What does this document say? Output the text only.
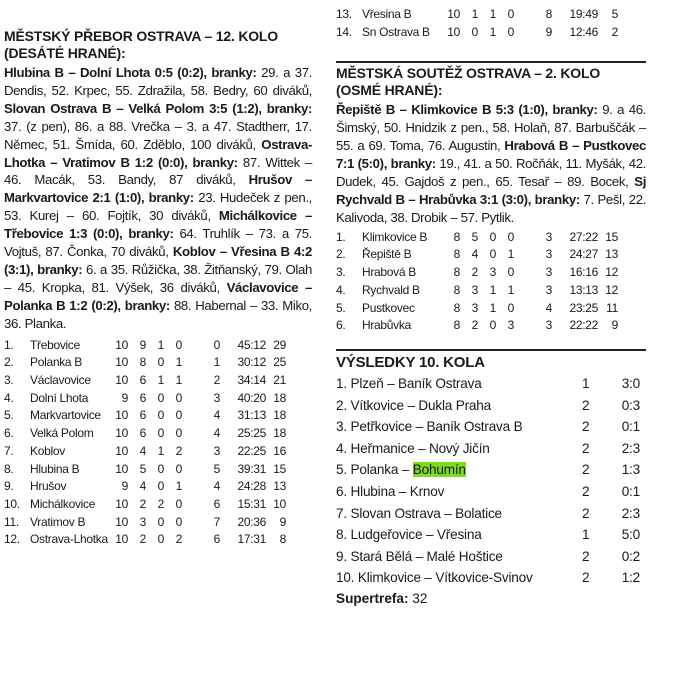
MĚSTSKÝ PŘEBOR OSTRAVA – 12. KOLO
(DESÁTÉ HRANÉ):

Hlubina B – Dolní Lhota 0:5 (0:2), branky: 29. a 37. Dendis, 52. Krpec, 55. Zdražila, 58. Bedry, 60 diváků, Slovan Ostrava B – Velká Polom 3:5 (1:2), branky: 37. (z pen), 86. a 88. Vrečka – 3. a 47. Stadtherr, 17. Němec, 51. Šmída, 60. Zděblo, 100 diváků, Ostrava-Lhotka – Vratimov B 1:2 (0:0), branky: 87. Wittek – 46. Macák, 53. Bandy, 87 diváků, Hrušov – Markvartovice 2:1 (1:0), branky: 23. Hudeček z pen., 53. Kurej – 60. Fojtík, 30 diváků, Michálkovice – Třebovice 1:3 (0:0), branky: 64. Truhlík – 73. a 75. Vojtuš, 87. Čonka, 70 diváků, Koblov – Vřesina B 4:2 (3:1), branky: 6. a 35. Růžička, 38. Žitňanský, 79. Olah – 45. Kropka, 81. Výšek, 36 diváků, Václavovice – Polanka B 1:2 (0:2), branky: 88. Habernal – 33. Miko, 36. Planka.

1.	Třebovice	10	9	1	0	0	45:12	29
2.	Polanka B	10	8	0	1	1	30:12	25
3.	Václavovice	10	6	1	1	2	34:14	21
4.	Dolní Lhota	9	6	0	0	3	40:20	18
5.	Markvartovice	10	6	0	0	4	31:13	18
6.	Velká Polom	10	6	0	0	4	25:25	18
7.	Koblov	10	4	1	2	3	22:25	16
8.	Hlubina B	10	5	0	0	5	39:31	15
9.	Hrušov	9	4	0	1	4	24:28	13
10.	Michálkovice	10	2	2	0	6	15:31	10
11.	Vratimov B	10	3	0	0	7	20:36	9
12.	Ostrava-Lhotka	10	2	0	2	6	17:31	8
13.	Vřesina B	10	1	1	0	8	19:49	5
14.	Sn Ostrava B	10	0	1	0	9	12:46	2
MĚSTSKÁ SOUTĚŽ OSTRAVA – 2. KOLO
(OSMÉ HRANÉ):

Řepiště B – Klimkovice B 5:3 (1:0), branky: 9. a 46. Šimský, 50. Hnidzik z pen., 58. Holaň, 87. Barbuščák – 55. a 69. Toma, 76. Augustin, Hrabová B – Pustkovec 7:1 (5:0), branky: 19., 41. a 50. Ročňák, 11. Myšák, 42. Dudek, 45. Gajdoš z pen., 65. Tesař – 89. Bocek, Sj Rychvald B – Hrabůvka 3:1 (3:0), branky: 7. Pešl, 22. Kalivoda, 38. Drobik – 57. Pytlik.

1.	Klimkovice B	8	5	0	0	3	27:22	15
2.	Řepiště B	8	4	0	1	3	24:27	13
3.	Hrabová B	8	2	3	0	3	16:16	12
4.	Rychvald B	8	3	1	1	3	13:13	12
5.	Pustkovec	8	3	1	0	4	23:25	11
6.	Hrabůvka	8	2	0	3	3	22:22	9
VÝSLEDKY 10. KOLA
1. Plzeň – Baník Ostrava	1	3:0
2. Vítkovice – Dukla Praha	2	0:3
3. Petřkovice – Baník Ostrava B	2	0:1
4. Heřmanice – Nový Jičín	2	2:3
5. Polanka – Bohumín	2	1:3
6. Hlubina – Krnov	2	0:1
7. Slovan Ostrava – Bolatice	2	2:3
8. Ludgeřovice – Vřesina	1	5:0
9. Stará Bělá – Malé Hoštice	2	0:2
10. Klimkovice – Vítkovice-Svinov	2	1:2
Supertrefa: 32
